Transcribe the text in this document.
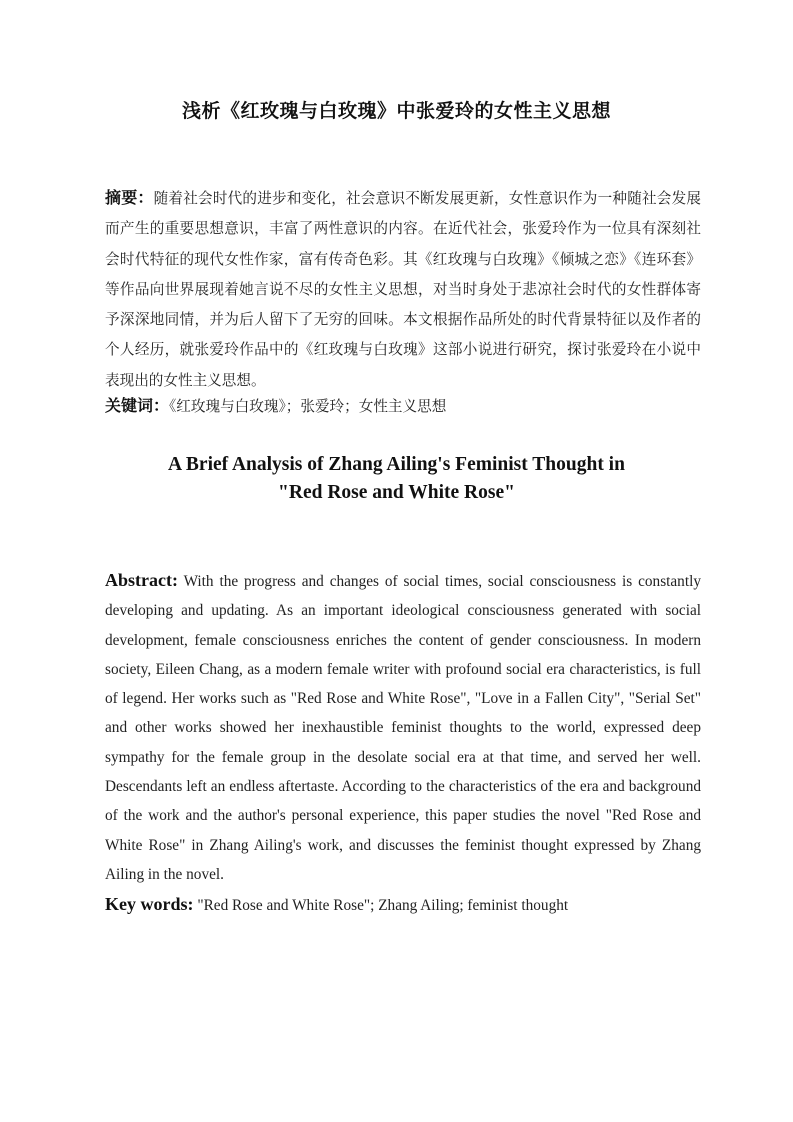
浅析《红玫瑰与白玫瑰》中张爱玲的女性主义思想
摘要：随着社会时代的进步和变化，社会意识不断发展更新，女性意识作为一种随社会发展而产生的重要思想意识，丰富了两性意识的内容。在近代社会，张爱玲作为一位具有深刻社会时代特征的现代女性作家，富有传奇色彩。其《红玫瑰与白玫瑰》《倾城之恋》《连环套》等作品向世界展现着她言说不尽的女性主义思想，对当时身处于悲凉社会时代的女性群体寄予深深地同情，并为后人留下了无穷的回味。本文根据作品所处的时代背景特征以及作者的个人经历，就张爱玲作品中的《红玫瑰与白玫瑰》这部小说进行研究，探讨张爱玲在小说中表现出的女性主义思想。
关键词：《红玫瑰与白玫瑰》；张爱玲；女性主义思想
A Brief Analysis of Zhang Ailing's Feminist Thought in
"Red Rose and White Rose"
Abstract: With the progress and changes of social times, social consciousness is constantly developing and updating. As an important ideological consciousness generated with social development, female consciousness enriches the content of gender consciousness. In modern society, Eileen Chang, as a modern female writer with profound social era characteristics, is full of legend. Her works such as "Red Rose and White Rose", "Love in a Fallen City", "Serial Set" and other works showed her inexhaustible feminist thoughts to the world, expressed deep sympathy for the female group in the desolate social era at that time, and served her well. Descendants left an endless aftertaste. According to the characteristics of the era and background of the work and the author's personal experience, this paper studies the novel "Red Rose and White Rose" in Zhang Ailing's work, and discusses the feminist thought expressed by Zhang Ailing in the novel.
Key words: "Red Rose and White Rose"; Zhang Ailing; feminist thought
